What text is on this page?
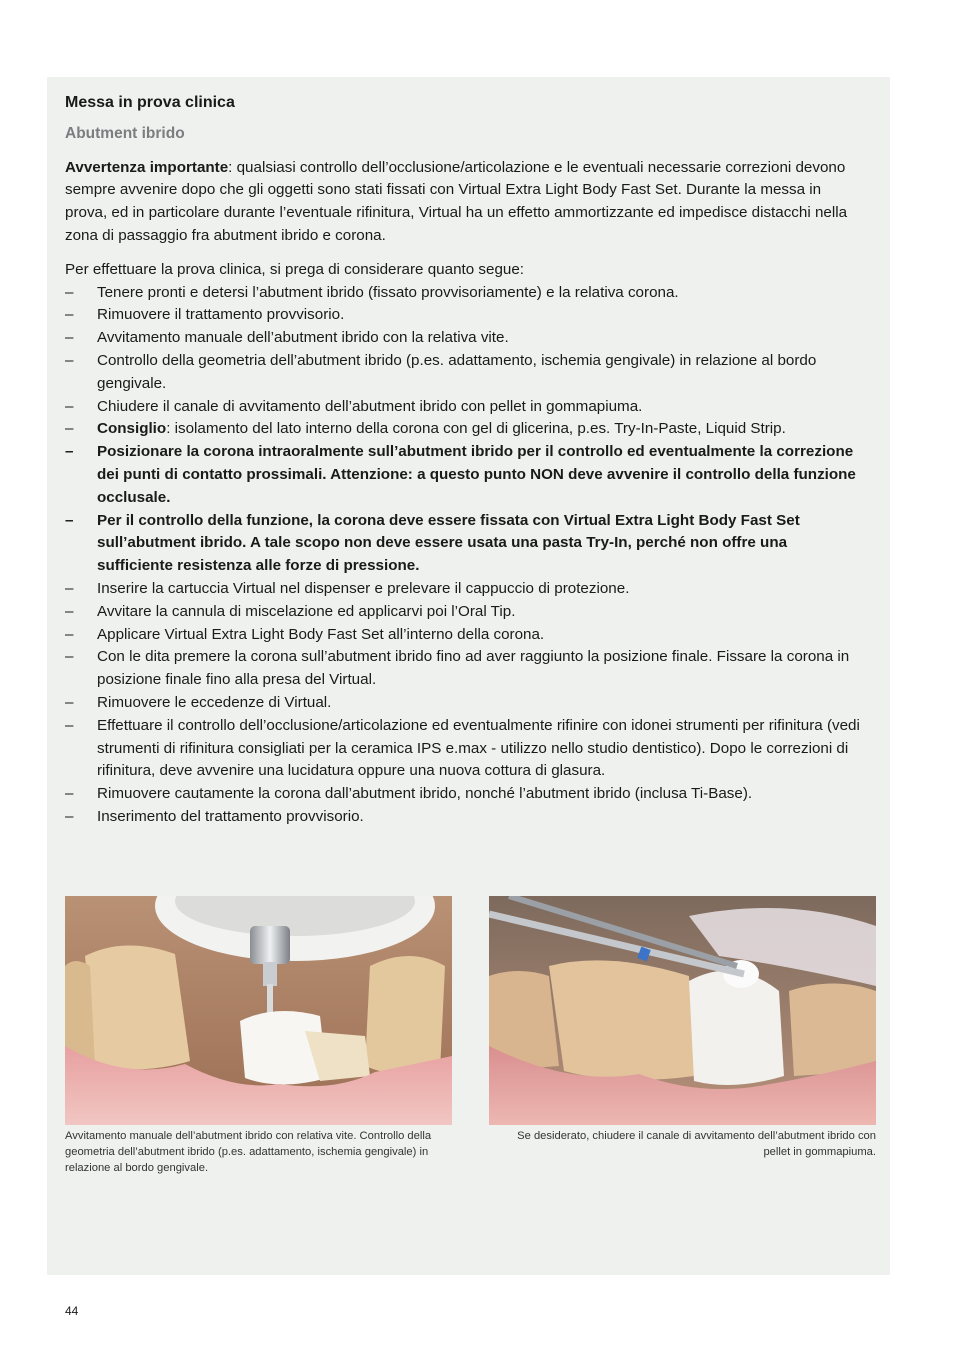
Messa in prova clinica
Abutment ibrido

Avvertenza importante: qualsiasi controllo dell’occlusione/articolazione e le eventuali necessarie correzioni devono sempre avvenire dopo che gli oggetti sono stati fissati con Virtual Extra Light Body Fast Set. Durante la messa in prova, ed in particolare durante l’eventuale rifinitura, Virtual ha un effetto ammortizzante ed impedisce distacchi nella zona di passaggio fra abutment ibrido e corona.

Per effettuare la prova clinica, si prega di considerare quanto segue:
– Tenere pronti e detersi l’abutment ibrido (fissato provvisoriamente) e la relativa corona.
– Rimuovere il trattamento provvisorio.
– Avvitamento manuale dell’abutment ibrido con la relativa vite.
– Controllo della geometria dell’abutment ibrido (p.es. adattamento, ischemia gengivale) in relazione al bordo gengivale.
– Chiudere il canale di avvitamento dell’abutment ibrido con pellet in gommapiuma.
– Consiglio: isolamento del lato interno della corona con gel di glicerina, p.es. Try-In-Paste, Liquid Strip.
– Posizionare la corona intraoralmente sull’abutment ibrido per il controllo ed eventualmente la correzione dei punti di contatto prossimali. Attenzione: a questo punto NON deve avvenire il controllo della funzione occlusale.
– Per il controllo della funzione, la corona deve essere fissata con Virtual Extra Light Body Fast Set sull’abutment ibrido. A tale scopo non deve essere usata una pasta Try-In, perché non offre una sufficiente resistenza alle forze di pressione.
– Inserire la cartuccia Virtual nel dispenser e prelevare il cappuccio di protezione.
– Avvitare la cannula di miscelazione ed applicarvi poi l’Oral Tip.
– Applicare Virtual Extra Light Body Fast Set all’interno della corona.
– Con le dita premere la corona sull’abutment ibrido fino ad aver raggiunto la posizione finale. Fissare la corona in posizione finale fino alla presa del Virtual.
– Rimuovere le eccedenze di Virtual.
– Effettuare il controllo dell’occlusione/articolazione ed eventualmente rifinire con idonei strumenti per rifinitura (vedi strumenti di rifinitura consigliati per la ceramica IPS e.max - utilizzo nello studio dentistico). Dopo le correzioni di rifinitura, deve avvenire una lucidatura oppure una nuova cottura di glasura.
– Rimuovere cautamente la corona dall’abutment ibrido, nonché l’abutment ibrido (inclusa Ti-Base).
– Inserimento del trattamento provvisorio.
Avvitamento manuale dell’abutment ibrido con relativa vite. Controllo della geometria dell’abutment ibrido (p.es. adattamento, ischemia gengivale) in relazione al bordo gengivale.
Se desiderato, chiudere il canale di avvitamento dell’abutment ibrido con pellet in gommapiuma.
44
